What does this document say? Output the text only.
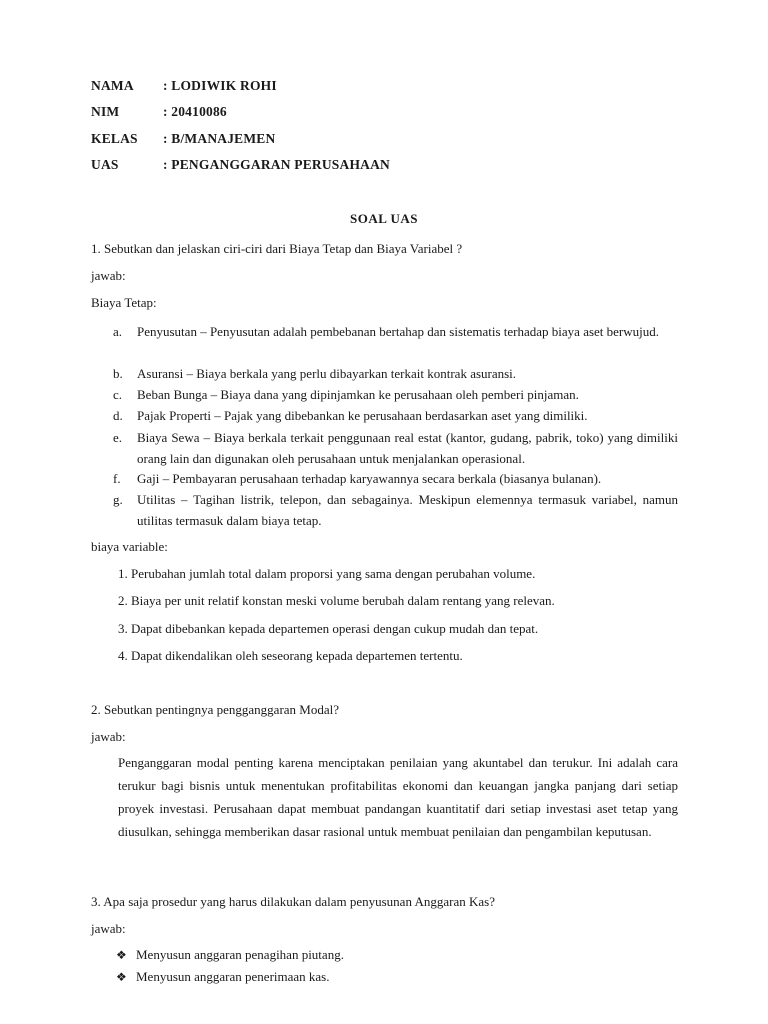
NAMA : LODIWIK ROHI
NIM	: 20410086
KELAS : B/MANAJEMEN
UAS	: PENGANGGARAN PERUSAHAAN
SOAL UAS
1. Sebutkan dan jelaskan ciri-ciri dari Biaya Tetap dan Biaya Variabel ?
jawab:
Biaya Tetap:
a. Penyusutan – Penyusutan adalah pembebanan bertahap dan sistematis terhadap biaya aset berwujud.
b. Asuransi – Biaya berkala yang perlu dibayarkan terkait kontrak asuransi.
c. Beban Bunga – Biaya dana yang dipinjamkan ke perusahaan oleh pemberi pinjaman.
d. Pajak Properti – Pajak yang dibebankan ke perusahaan berdasarkan aset yang dimiliki.
e. Biaya Sewa – Biaya berkala terkait penggunaan real estat (kantor, gudang, pabrik, toko) yang dimiliki orang lain dan digunakan oleh perusahaan untuk menjalankan operasional.
f. Gaji – Pembayaran perusahaan terhadap karyawannya secara berkala (biasanya bulanan).
g. Utilitas – Tagihan listrik, telepon, dan sebagainya. Meskipun elemennya termasuk variabel, namun utilitas termasuk dalam biaya tetap.
biaya variable:
1. Perubahan jumlah total dalam proporsi yang sama dengan perubahan volume.
2. Biaya per unit relatif konstan meski volume berubah dalam rentang yang relevan.
3. Dapat dibebankan kepada departemen operasi dengan cukup mudah dan tepat.
4. Dapat dikendalikan oleh seseorang kepada departemen tertentu.
2. Sebutkan pentingnya pengganggaran Modal?
jawab:
Penganggaran modal penting karena menciptakan penilaian yang akuntabel dan terukur. Ini adalah cara terukur bagi bisnis untuk menentukan profitabilitas ekonomi dan keuangan jangka panjang dari setiap proyek investasi. Perusahaan dapat membuat pandangan kuantitatif dari setiap investasi aset tetap yang diusulkan, sehingga memberikan dasar rasional untuk membuat penilaian dan pengambilan keputusan.
3. Apa saja prosedur yang harus dilakukan dalam penyusunan Anggaran Kas?
jawab:
❖ Menyusun anggaran penagihan piutang.
❖ Menyusun anggaran penerimaan kas.
